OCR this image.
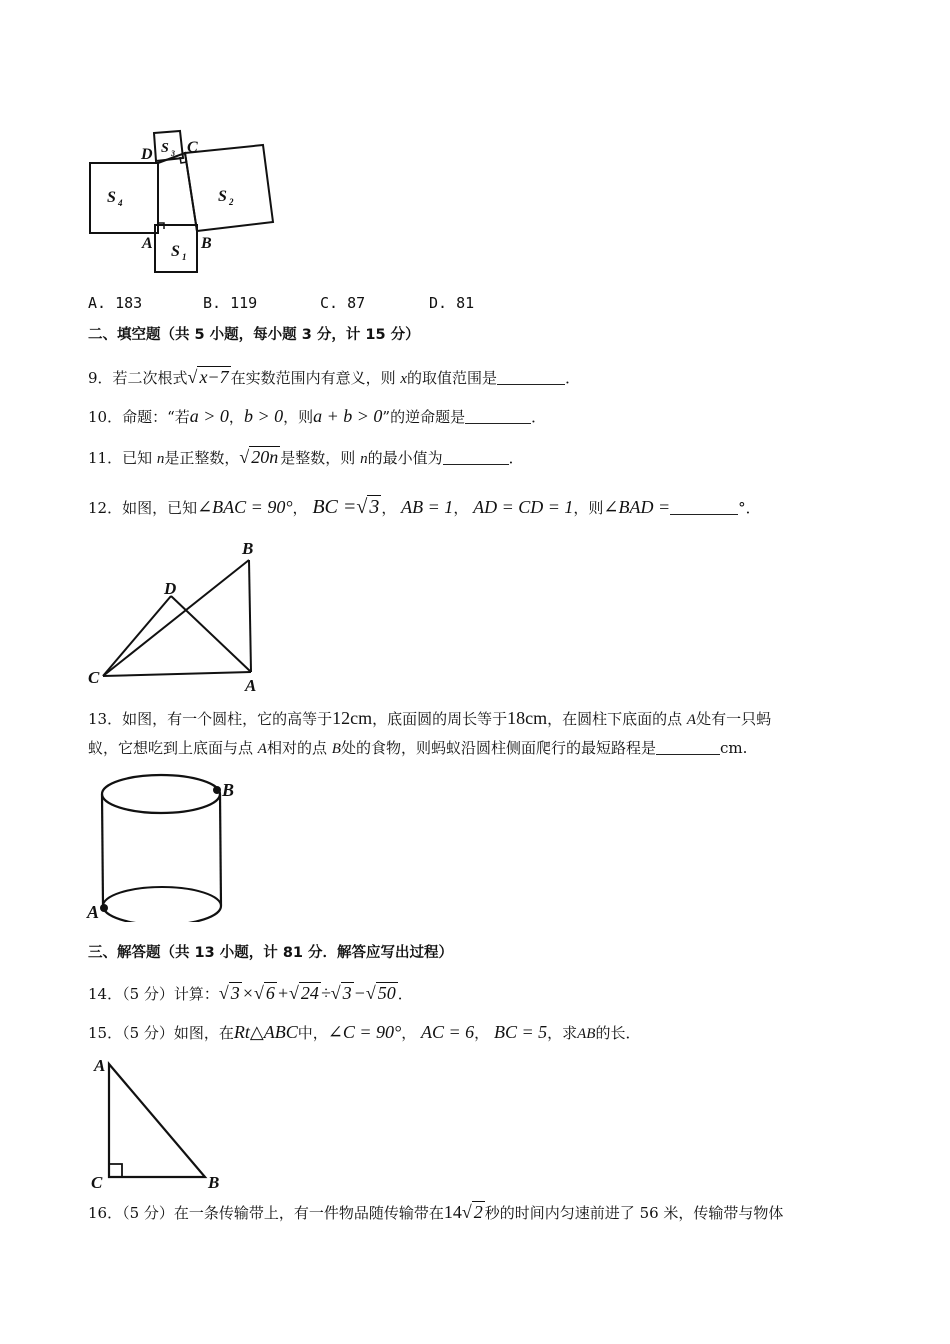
D C
A	B
S 4
S 1
S 3
S 2
A. 183	B. 119	C. 87	D. 81
二、填空题（共 5 小题，每小题 3 分，计 15 分）
9．若二次根式√ x−7 在实数范围内有意义，则 x的取值范围是	．
10．命题：“若a > 0，b > 0，则a + b > 0”的逆命题是	．
11．已知 n是正整数，√ 20n 是整数，则 n的最小值为	．
12．如图，已知∠BAC = 90°， BC =√ 3 ， AB = 1， AD = CD = 1，则∠BAD =	°．
B
D
C	A
13．如图，有一个圆柱，它的高等于12cm，底面圆的周长等于18cm，在圆柱下底面的点 A处有一只蚂
蚁，它想吃到上底面与点 A相对的点 B处的食物，则蚂蚁沿圆柱侧面爬行的最短路程是	cm.
B
A
三、解答题（共 13 小题，计 81 分．解答应写出过程）
14．（5 分）计算：√ 3 ×√ 6 +√ 24 ÷√ 3 −√ 50 ．
15．（5 分）如图，在Rt△ABC中，∠C = 90°， AC = 6， BC = 5，求AB的长．
A
C	B
16．（5 分）在一条传输带上，有一件物品随传输带在14√ 2 秒的时间内匀速前进了 56 米，传输带与物体
